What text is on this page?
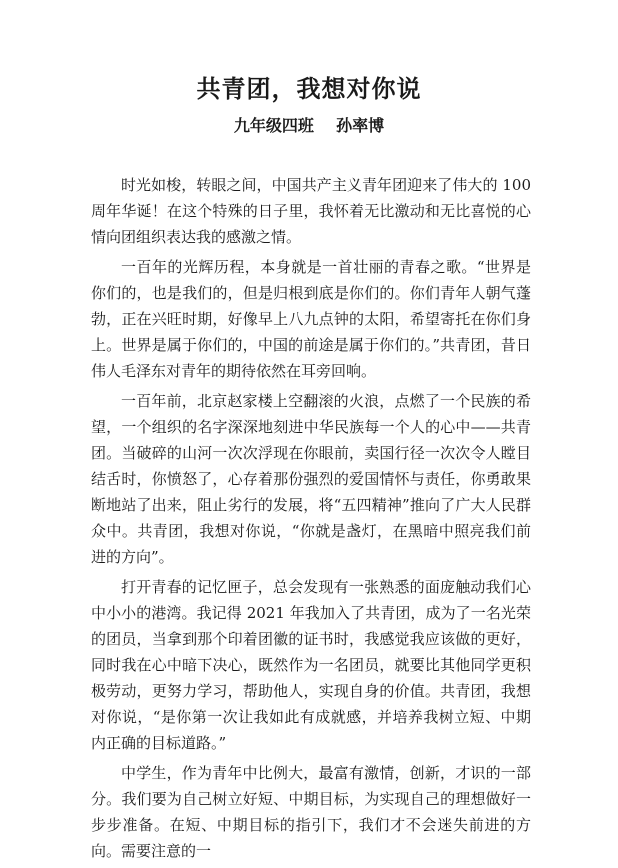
共青团，我想对你说
九年级四班    孙率博

时光如梭，转眼之间，中国共产主义青年团迎来了伟大的 100 周年华诞！在这个特殊的日子里，我怀着无比激动和无比喜悦的心情向团组织表达我的感激之情。

一百年的光辉历程，本身就是一首壮丽的青春之歌。“世界是你们的，也是我们的，但是归根到底是你们的。你们青年人朝气蓬勃，正在兴旺时期，好像早上八九点钟的太阳，希望寄托在你们身上。世界是属于你们的，中国的前途是属于你们的。”共青团，昔日伟人毛泽东对青年的期待依然在耳旁回响。

一百年前，北京赵家楼上空翻滚的火浪，点燃了一个民族的希望，一个组织的名字深深地刻进中华民族每一个人的心中——共青团。当破碎的山河一次次浮现在你眼前，卖国行径一次次令人瞠目结舌时，你愤怒了，心存着那份强烈的爱国情怀与责任，你勇敢果断地站了出来，阻止劣行的发展，将“五四精神”推向了广大人民群众中。共青团，我想对你说，“你就是盏灯，在黑暗中照亮我们前进的方向”。

打开青春的记忆匣子，总会发现有一张熟悉的面庞触动我们心中小小的港湾。我记得 2021 年我加入了共青团，成为了一名光荣的团员，当拿到那个印着团徽的证书时，我感觉我应该做的更好，同时我在心中暗下决心，既然作为一名团员，就要比其他同学更积极劳动，更努力学习，帮助他人，实现自身的价值。共青团，我想对你说，“是你第一次让我如此有成就感，并培养我树立短、中期内正确的目标道路。”

中学生，作为青年中比例大，最富有激情，创新，才识的一部分。我们要为自己树立好短、中期目标，为实现自己的理想做好一步步准备。在短、中期目标的指引下，我们才不会迷失前进的方向。需要注意的一
